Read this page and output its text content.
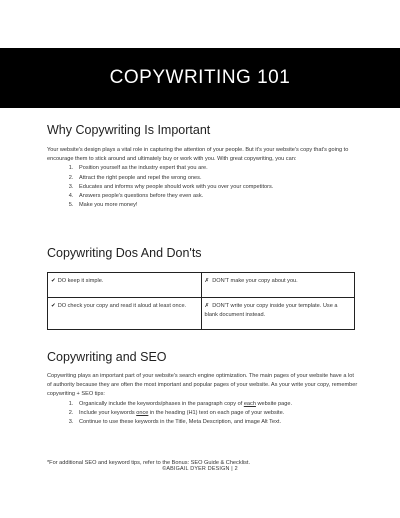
COPYWRITING 101
Why Copywriting Is Important

Your website's design plays a vital role in capturing the attention of your people. But it's your website's copy that's going to encourage them to stick around and ultimately buy or work with you. With great copywriting, you can:

1. Position yourself as the industry expert that you are.
2. Attract the right people and repel the wrong ones.
3. Educates and informs why people should work with you over your competitors.
4. Answers people's questions before they even ask.
5. Make you more money!
Copywriting Dos And Don'ts
✔ DO keep it simple.	✗ DON'T make your copy about you.
✔ DO check your copy and read it aloud at least once.	✗ DON'T write your copy inside your template. Use a blank document instead.
Copywriting and SEO

Copywriting plays an important part of your website's search engine optimization. The main pages of your website have a lot of authority because they are often the most important and popular pages of your website. As your write your copy, remember copywriting + SEO tips:

1. Organically include the keywords/phases in the paragraph copy of each website page.
2. Include your keywords once in the heading (H1) text on each page of your website.
3. Continue to use these keywords in the Title, Meta Description, and image Alt Text.

*For additional SEO and keyword tips, refer to the Bonus: SEO Guide & Checklist.

©ABIGAIL DYER DESIGN | 2
